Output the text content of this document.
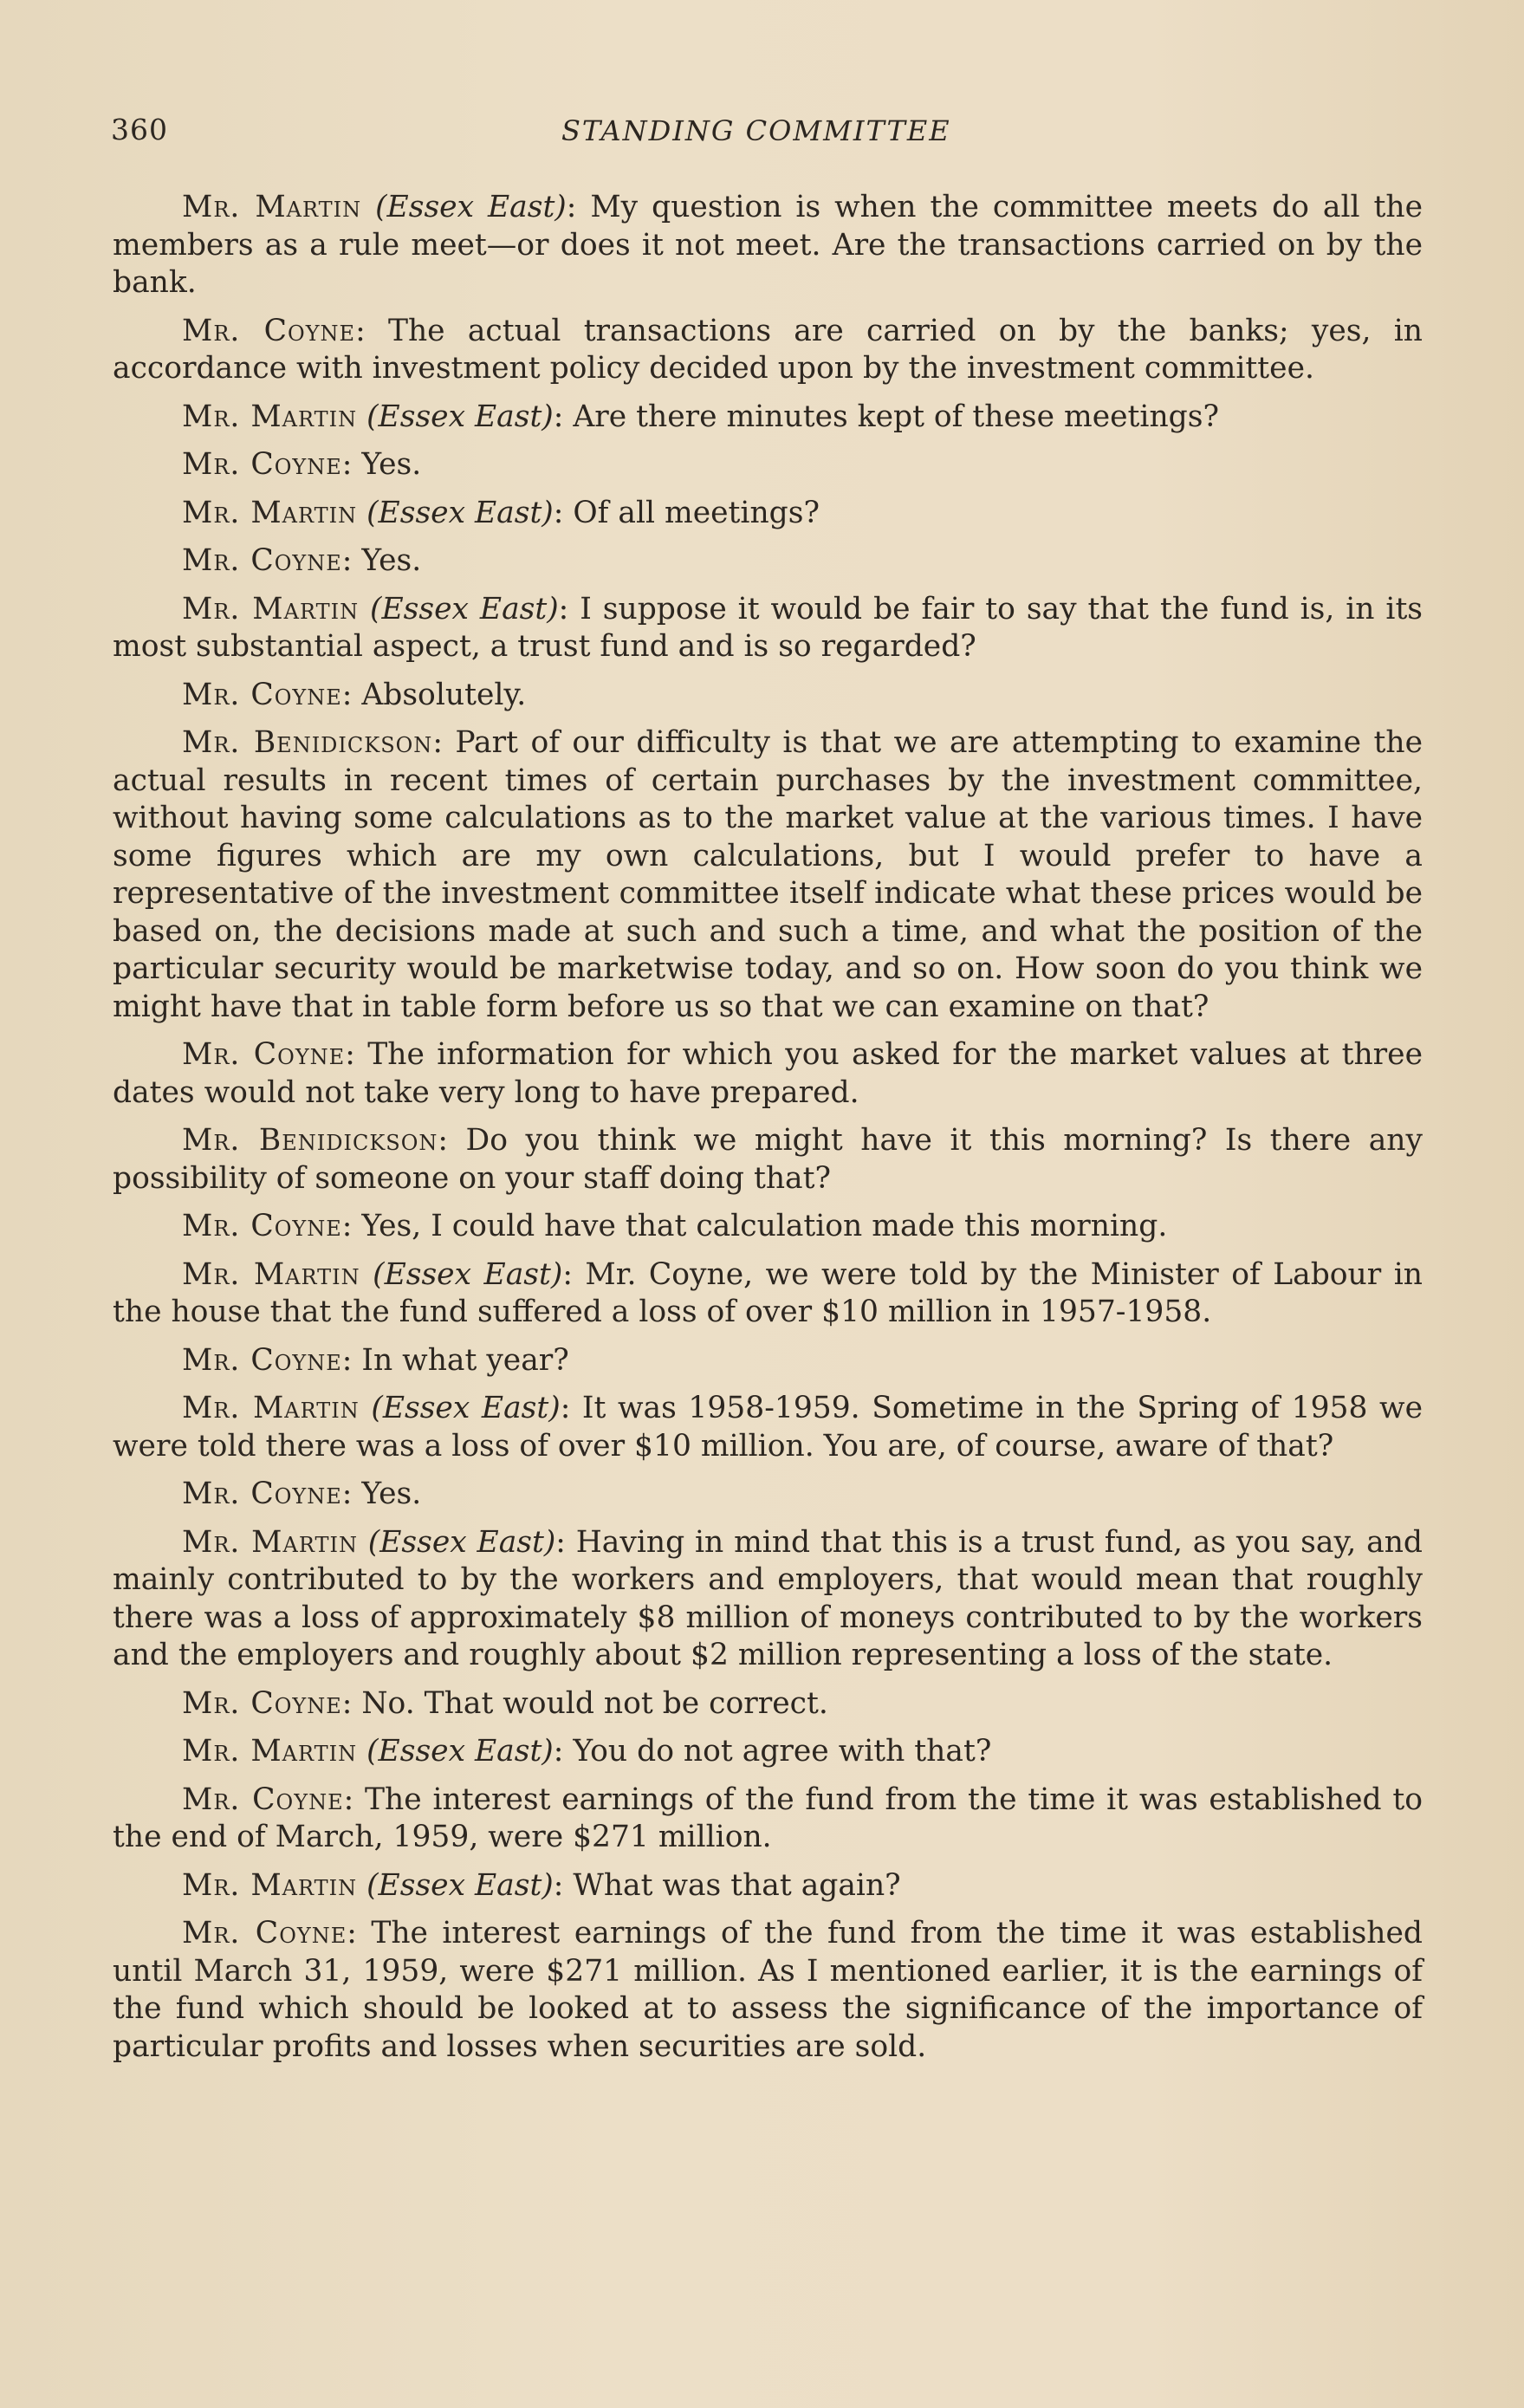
360	STANDING COMMITTEE

Mr. Martin (Essex East): My question is when the committee meets do all the members as a rule meet—or does it not meet. Are the transactions carried on by the bank.

Mr. Coyne: The actual transactions are carried on by the banks; yes, in accordance with investment policy decided upon by the investment committee.

Mr. Martin (Essex East): Are there minutes kept of these meetings?

Mr. Coyne: Yes.

Mr. Martin (Essex East): Of all meetings?

Mr. Coyne: Yes.

Mr. Martin (Essex East): I suppose it would be fair to say that the fund is, in its most substantial aspect, a trust fund and is so regarded?

Mr. Coyne: Absolutely.

Mr. Benidickson: Part of our difficulty is that we are attempting to examine the actual results in recent times of certain purchases by the investment committee, without having some calculations as to the market value at the various times. I have some figures which are my own calculations, but I would prefer to have a representative of the investment committee itself indicate what these prices would be based on, the decisions made at such and such a time, and what the position of the particular security would be marketwise today, and so on. How soon do you think we might have that in table form before us so that we can examine on that?

Mr. Coyne: The information for which you asked for the market values at three dates would not take very long to have prepared.

Mr. Benidickson: Do you think we might have it this morning? Is there any possibility of someone on your staff doing that?

Mr. Coyne: Yes, I could have that calculation made this morning.

Mr. Martin (Essex East): Mr. Coyne, we were told by the Minister of Labour in the house that the fund suffered a loss of over $10 million in 1957-1958.

Mr. Coyne: In what year?

Mr. Martin (Essex East): It was 1958-1959. Sometime in the Spring of 1958 we were told there was a loss of over $10 million. You are, of course, aware of that?

Mr. Coyne: Yes.

Mr. Martin (Essex East): Having in mind that this is a trust fund, as you say, and mainly contributed to by the workers and employers, that would mean that roughly there was a loss of approximately $8 million of moneys contributed to by the workers and the employers and roughly about $2 million representing a loss of the state.

Mr. Coyne: No. That would not be correct.

Mr. Martin (Essex East): You do not agree with that?

Mr. Coyne: The interest earnings of the fund from the time it was established to the end of March, 1959, were $271 million.

Mr. Martin (Essex East): What was that again?

Mr. Coyne: The interest earnings of the fund from the time it was established until March 31, 1959, were $271 million. As I mentioned earlier, it is the earnings of the fund which should be looked at to assess the significance of the importance of particular profits and losses when securities are sold.
